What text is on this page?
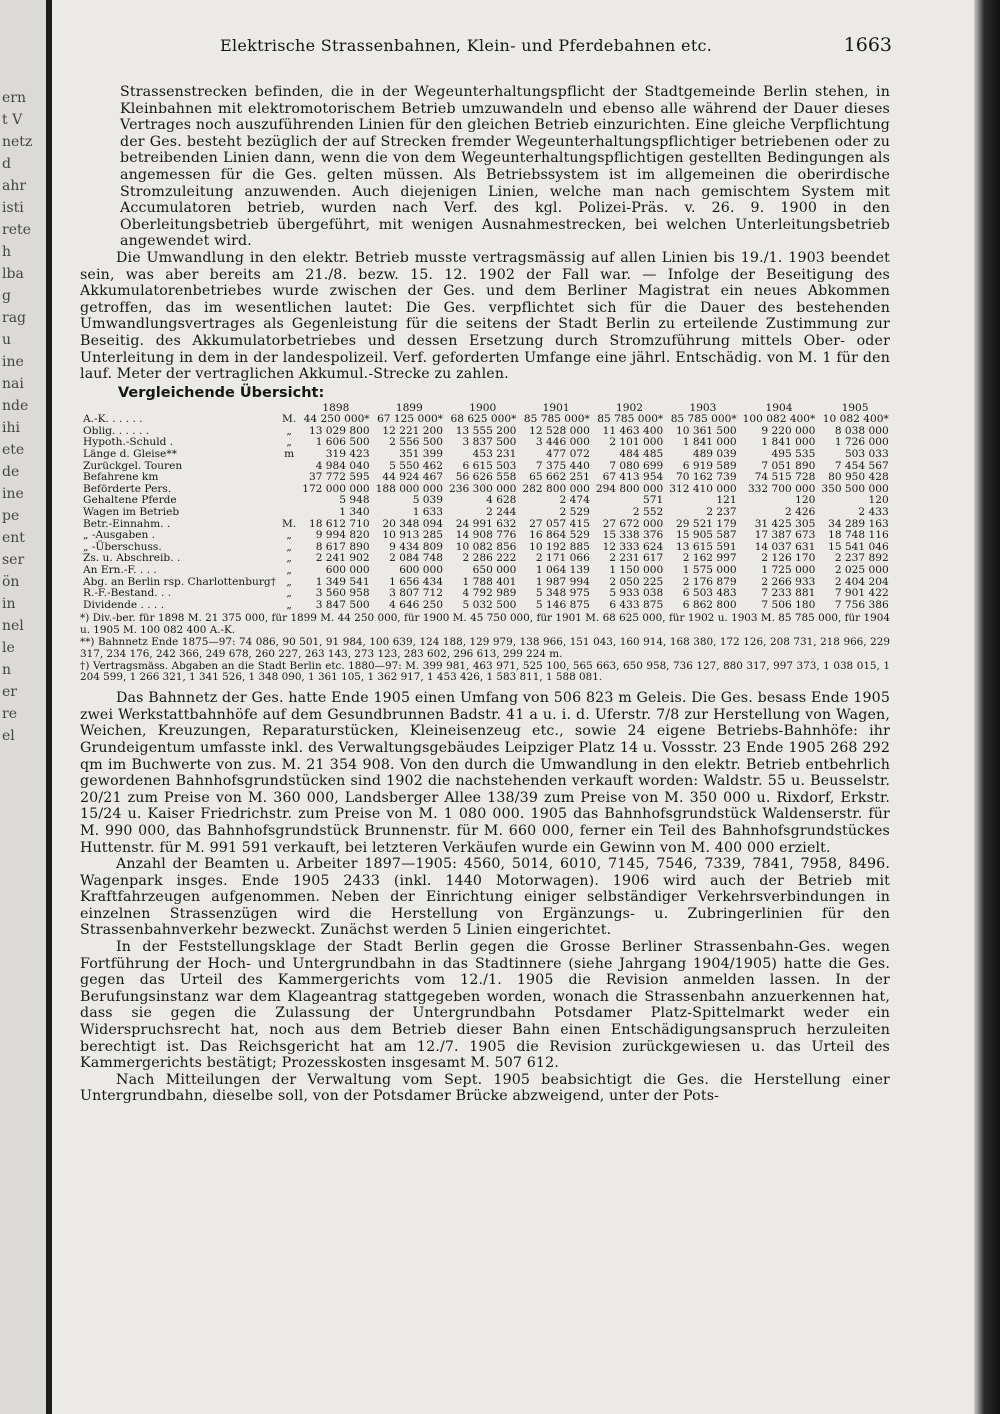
ern
t V
netz
d
ahr
isti
rete
h
lba
g
rag
u
ine
nai
nde
ihi
ete
de
ine
pe
ent
ser
ön
in
nel
le
n
er
re
el
Elektrische Strassenbahnen, Klein- und Pferdebahnen etc.	1663

Strassenstrecken befinden, die in der Wegeunterhaltungspflicht der Stadtgemeinde Berlin stehen, in Kleinbahnen mit elektromotorischem Betrieb umzuwandeln und ebenso alle während der Dauer dieses Vertrages noch auszuführenden Linien für den gleichen Betrieb einzurichten. Eine gleiche Verpflichtung der Ges. besteht bezüglich der auf Strecken fremder Wegeunterhaltungspflichtiger betriebenen oder zu betreibenden Linien dann, wenn die von dem Wegeunterhaltungspflichtigen gestellten Bedingungen als angemessen für die Ges. gelten müssen. Als Betriebssystem ist im allgemeinen die oberirdische Stromzuleitung anzuwenden. Auch diejenigen Linien, welche man nach gemischtem System mit Accumulatoren betrieb, wurden nach Verf. des kgl. Polizei-Präs. v. 26. 9. 1900 in den Oberleitungsbetrieb übergeführt, mit wenigen Ausnahmestrecken, bei welchen Unterleitungsbetrieb angewendet wird.

Die Umwandlung in den elektr. Betrieb musste vertragsmässig auf allen Linien bis 19./1. 1903 beendet sein, was aber bereits am 21./8. bezw. 15. 12. 1902 der Fall war. — Infolge der Beseitigung des Akkumulatorenbetriebes wurde zwischen der Ges. und dem Berliner Magistrat ein neues Abkommen getroffen, das im wesentlichen lautet: Die Ges. verpflichtet sich für die Dauer des bestehenden Umwandlungsvertrages als Gegenleistung für die seitens der Stadt Berlin zu erteilende Zustimmung zur Beseitig. des Akkumulatorbetriebes und dessen Ersetzung durch Stromzuführung mittels Ober- oder Unterleitung in dem in der landespolizeil. Verf. geforderten Umfange eine jährl. Entschädig. von M. 1 für den lauf. Meter der vertraglichen Akkumul.-Strecke zu zahlen.

Vergleichende Übersicht:
		1898	1899	1900	1901	1902	1903	1904	1905
A.-K. . . . . .	M.	44 250 000*	67 125 000*	68 625 000*	85 785 000*	85 785 000*	85 785 000*	100 082 400*	10 082 400*
Oblig. . . . . .	„	13 029 800	12 221 200	13 555 200	12 528 000	11 463 400	10 361 500	9 220 000	8 038 000
Hypoth.-Schuld .	„	1 606 500	2 556 500	3 837 500	3 446 000	2 101 000	1 841 000	1 841 000	1 726 000
Länge d. Gleise**	m	319 423	351 399	453 231	477 072	484 485	489 039	495 535	503 033
Zurückgel. Touren		4 984 040	5 550 462	6 615 503	7 375 440	7 080 699	6 919 589	7 051 890	7 454 567
Befahrene km		37 772 595	44 924 467	56 626 558	65 662 251	67 413 954	70 162 739	74 515 728	80 950 428
Beförderte Pers.		172 000 000	188 000 000	236 300 000	282 800 000	294 800 000	312 410 000	332 700 000	350 500 000
Gehaltene Pferde		5 948	5 039	4 628	2 474	571	121	120	120
Wagen im Betrieb		1 340	1 633	2 244	2 529	2 552	2 237	2 426	2 433
Betr.-Einnahm. .	M.	18 612 710	20 348 094	24 991 632	27 057 415	27 672 000	29 521 179	31 425 305	34 289 163
„ -Ausgaben .	„	9 994 820	10 913 285	14 908 776	16 864 529	15 338 376	15 905 587	17 387 673	18 748 116
„ -Überschuss.	„	8 617 890	9 434 809	10 082 856	10 192 885	12 333 624	13 615 591	14 037 631	15 541 046
Zs. u. Abschreib. .	„	2 241 902	2 084 748	2 286 222	2 171 066	2 231 617	2 162 997	2 126 170	2 237 892
An Ern.-F. . . .	„	600 000	600 000	650 000	1 064 139	1 150 000	1 575 000	1 725 000	2 025 000
Abg. an Berlin rsp. Charlottenburg†	„	1 349 541	1 656 434	1 788 401	1 987 994	2 050 225	2 176 879	2 266 933	2 404 204
R.-F.-Bestand. . .	„	3 560 958	3 807 712	4 792 989	5 348 975	5 933 038	6 503 483	7 233 881	7 901 422
Dividende . . . .	„	3 847 500	4 646 250	5 032 500	5 146 875	6 433 875	6 862 800	7 506 180	7 756 386
*) Div.-ber. für 1898 M. 21 375 000, für 1899 M. 44 250 000, für 1900 M. 45 750 000, für 1901 M. 68 625 000, für 1902 u. 1903 M. 85 785 000, für 1904 u. 1905 M. 100 082 400 A.-K.
**) Bahnnetz Ende 1875—97: 74 086, 90 501, 91 984, 100 639, 124 188, 129 979, 138 966, 151 043, 160 914, 168 380, 172 126, 208 731, 218 966, 229 317, 234 176, 242 366, 249 678, 260 227, 263 143, 273 123, 283 602, 296 613, 299 224 m.
†) Vertragsmäss. Abgaben an die Stadt Berlin etc. 1880—97: M. 399 981, 463 971, 525 100, 565 663, 650 958, 736 127, 880 317, 997 373, 1 038 015, 1 204 599, 1 266 321, 1 341 526, 1 348 090, 1 361 105, 1 362 917, 1 453 426, 1 583 811, 1 588 081.

Das Bahnnetz der Ges. hatte Ende 1905 einen Umfang von 506 823 m Geleis. Die Ges. besass Ende 1905 zwei Werkstattbahnhöfe auf dem Gesundbrunnen Badstr. 41 a u. i. d. Uferstr. 7/8 zur Herstellung von Wagen, Weichen, Kreuzungen, Reparaturstücken, Kleineisenzeug etc., sowie 24 eigene Betriebs-Bahnhöfe: ihr Grundeigentum umfasste inkl. des Verwaltungsgebäudes Leipziger Platz 14 u. Vossstr. 23 Ende 1905 268 292 qm im Buchwerte von zus. M. 21 354 908. Von den durch die Umwandlung in den elektr. Betrieb entbehrlich gewordenen Bahnhofsgrundstücken sind 1902 die nachstehenden verkauft worden: Waldstr. 55 u. Beusselstr. 20/21 zum Preise von M. 360 000, Landsberger Allee 138/39 zum Preise von M. 350 000 u. Rixdorf, Erkstr. 15/24 u. Kaiser Friedrichstr. zum Preise von M. 1 080 000. 1905 das Bahnhofsgrundstück Waldenserstr. für M. 990 000, das Bahnhofsgrundstück Brunnenstr. für M. 660 000, ferner ein Teil des Bahnhofsgrundstückes Huttenstr. für M. 991 591 verkauft, bei letzteren Verkäufen wurde ein Gewinn von M. 400 000 erzielt.

Anzahl der Beamten u. Arbeiter 1897—1905: 4560, 5014, 6010, 7145, 7546, 7339, 7841, 7958, 8496. Wagenpark insges. Ende 1905 2433 (inkl. 1440 Motorwagen). 1906 wird auch der Betrieb mit Kraftfahrzeugen aufgenommen. Neben der Einrichtung einiger selbständiger Verkehrsverbindungen in einzelnen Strassenzügen wird die Herstellung von Ergänzungs- u. Zubringerlinien für den Strassenbahnverkehr bezweckt. Zunächst werden 5 Linien eingerichtet.

In der Feststellungsklage der Stadt Berlin gegen die Grosse Berliner Strassenbahn-Ges. wegen Fortführung der Hoch- und Untergrundbahn in das Stadtinnere (siehe Jahrgang 1904/1905) hatte die Ges. gegen das Urteil des Kammergerichts vom 12./1. 1905 die Revision anmelden lassen. In der Berufungsinstanz war dem Klageantrag stattgegeben worden, wonach die Strassenbahn anzuerkennen hat, dass sie gegen die Zulassung der Untergrundbahn Potsdamer Platz-Spittelmarkt weder ein Widerspruchsrecht hat, noch aus dem Betrieb dieser Bahn einen Entschädigungsanspruch herzuleiten berechtigt ist. Das Reichsgericht hat am 12./7. 1905 die Revision zurückgewiesen u. das Urteil des Kammergerichts bestätigt; Prozesskosten insgesamt M. 507 612.

Nach Mitteilungen der Verwaltung vom Sept. 1905 beabsichtigt die Ges. die Herstellung einer Untergrundbahn, dieselbe soll, von der Potsdamer Brücke abzweigend, unter der Pots-
